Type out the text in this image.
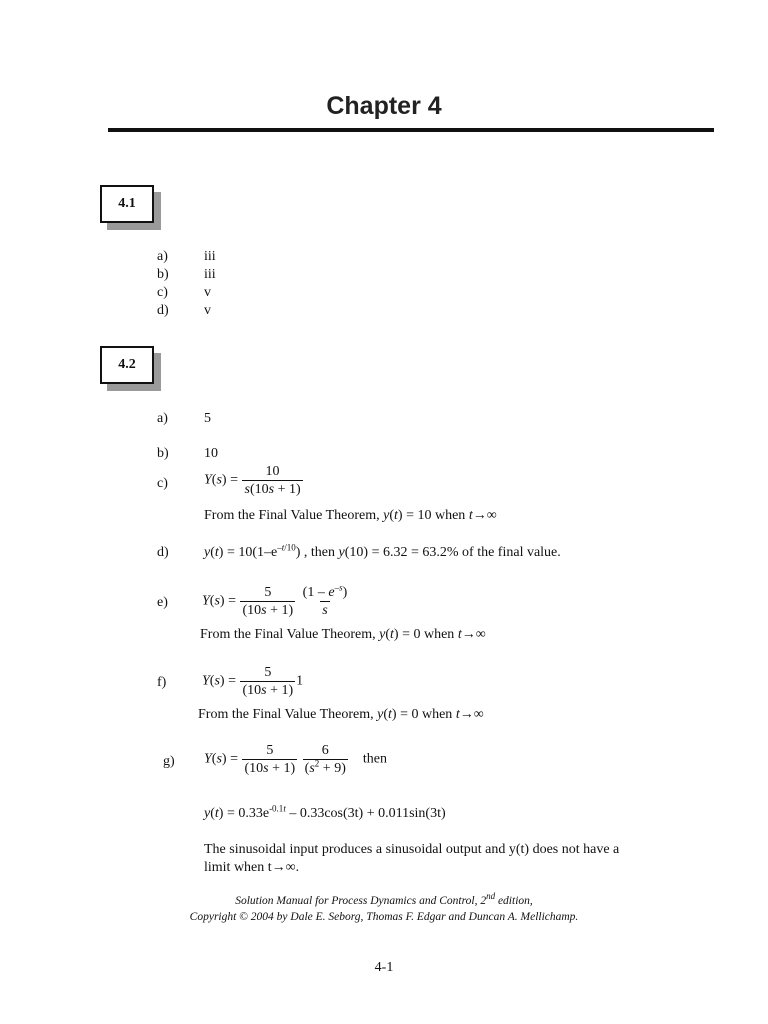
Chapter 4
4.1
a)	iii
b)	iii
c)	v
d)	v
4.2
a)	5
b)	10
c)	$Y(s) = \frac{10}{s(10s + 1)}$
From the Final Value Theorem, y(t) = 10 when t→∞
d)	$y(t) = 10(1-e^{-t/10})$ , then y(10) = 6.32 = 63.2% of the final value.
e) $Y(s) = \frac{5}{(10s + 1)}$
$\frac{(1 - e^{-s})}{s}$
From the Final Value Theorem, y(t) = 0 when t→∞
f)	$Y(s) = \frac{5}{(10s + 1)} 1$
From the Final Value Theorem, y(t) = 0 when t→∞
g) $Y(s) = \frac{5}{(10s + 1)}$
$\frac{6}{(s^2 + 9)}$ then
$y(t) = 0.33e^{-0.1t} - 0.33\cos(3t) + 0.011\sin(3t)$
The sinusoidal input produces a sinusoidal output and y(t) does not have a
limit when t→∞.
Solution Manual for Process Dynamics and Control, 2nd edition,
Copyright © 2004 by Dale E. Seborg, Thomas F. Edgar and Duncan A. Mellichamp.
4-1
